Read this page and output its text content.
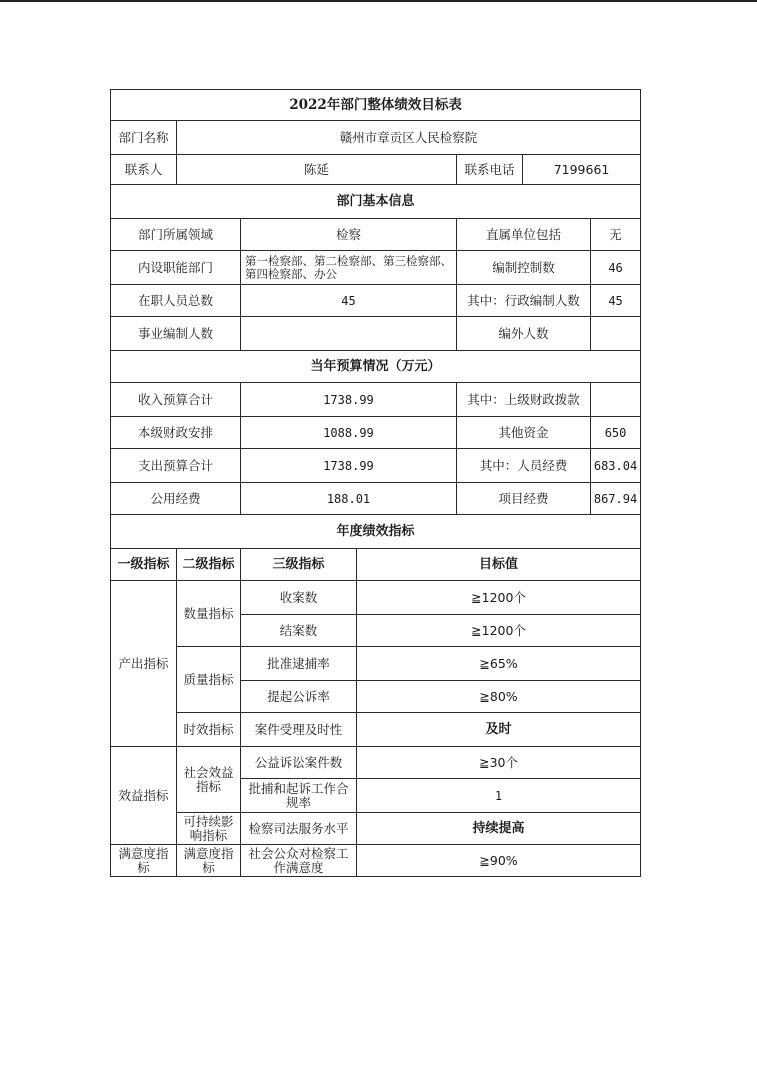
2022年部门整体绩效目标表						
部门名称	赣州市章贡区人民检察院					
联系人	陈延			联系电话	7199661	
部门基本信息						
部门所属领域		检察		直属单位包括		无
内设职能部门		第一检察部、第二检察部、第三检察部、第四检察部、办公		编制控制数		46
在职人员总数		45		其中：行政编制人数		45
事业编制人数				编外人数		
当年预算情况（万元）						
收入预算合计		1738.99		其中：上级财政拨款		
本级财政安排		1088.99		其他资金		650
支出预算合计		1738.99		其中：人员经费		683.04
公用经费		188.01		项目经费		867.94
年度绩效指标						
一级指标	二级指标	三级指标	目标值			
产出指标	数量指标	收案数	≧1200个			
		结案数	≧1200个			
	质量指标	批准逮捕率	≧65%			
		提起公诉率	≧80%			
	时效指标	案件受理及时性	及时			
效益指标	社会效益指标	公益诉讼案件数	≧30个			
		批捕和起诉工作合规率	1			
	可持续影响指标	检察司法服务水平	持续提高			
满意度指标	满意度指标	社会公众对检察工作满意度	≧90%			
